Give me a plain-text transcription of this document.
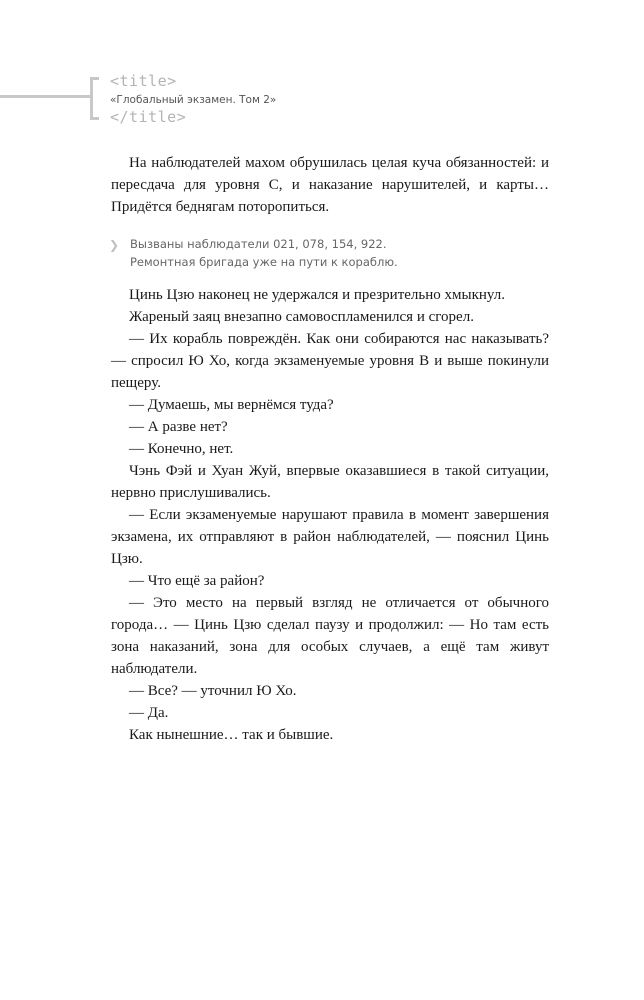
<title>
«Глобальный экзамен. Том 2»
</title>

На наблюдателей махом обрушилась целая куча обязанностей: и пересдача для уровня С, и наказание нарушителей, и карты… Придётся беднягам поторопиться.

❯ Вызваны наблюдатели 021, 078, 154, 922.
Ремонтная бригада уже на пути к кораблю.

Цинь Цзю наконец не удержался и презрительно хмыкнул.

Жареный заяц внезапно самовоспламенился и сгорел.

— Их корабль повреждён. Как они собираются нас наказывать? — спросил Ю Хо, когда экзаменуемые уровня B и выше покинули пещеру.

— Думаешь, мы вернёмся туда?

— А разве нет?

— Конечно, нет.

Чэнь Фэй и Хуан Жуй, впервые оказавшиеся в такой ситуации, нервно прислушивались.

— Если экзаменуемые нарушают правила в момент завершения экзамена, их отправляют в район наблюдателей, — пояснил Цинь Цзю.

— Что ещё за район?

— Это место на первый взгляд не отличается от обычного города… — Цинь Цзю сделал паузу и продолжил: — Но там есть зона наказаний, зона для особых случаев, а ещё там живут наблюдатели.

— Все? — уточнил Ю Хо.

— Да.

Как нынешние… так и бывшие.
